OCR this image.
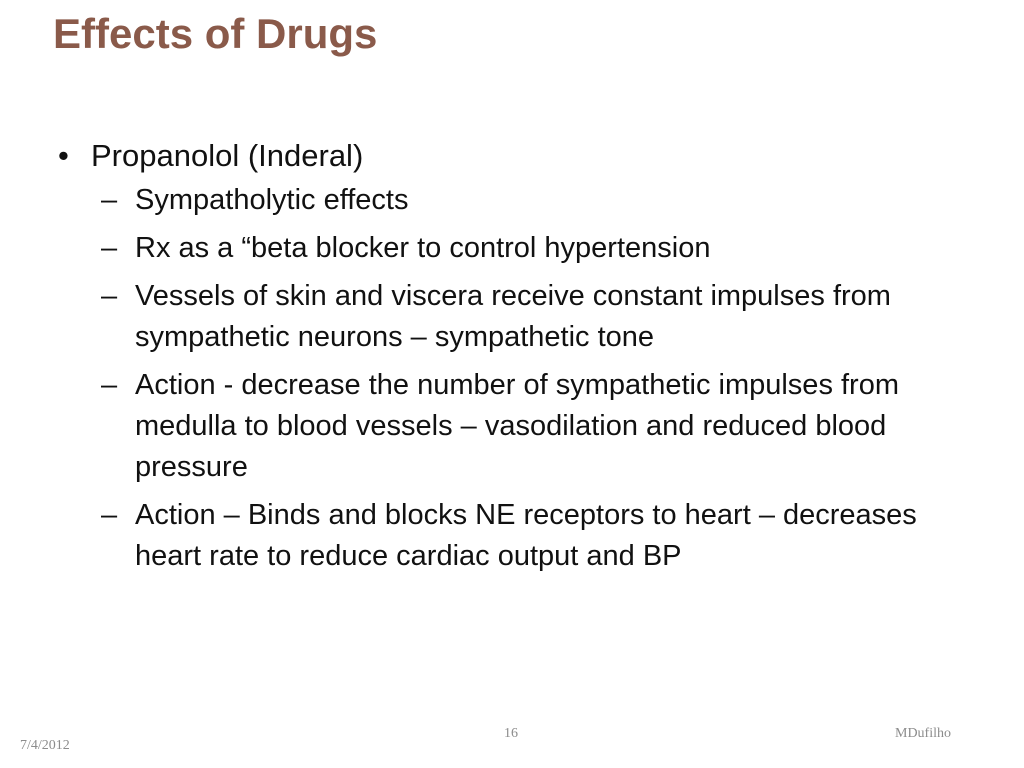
Effects of Drugs
• Propanolol (Inderal)
– Sympatholytic effects
– Rx as a “beta blocker to control hypertension
– Vessels of skin and viscera receive constant impulses from sympathetic neurons – sympathetic tone
– Action - decrease the number of sympathetic impulses from medulla to blood vessels – vasodilation and reduced blood pressure
– Action – Binds and blocks NE receptors to heart – decreases heart rate to reduce cardiac output and BP
7/4/2012
16	MDufilho
